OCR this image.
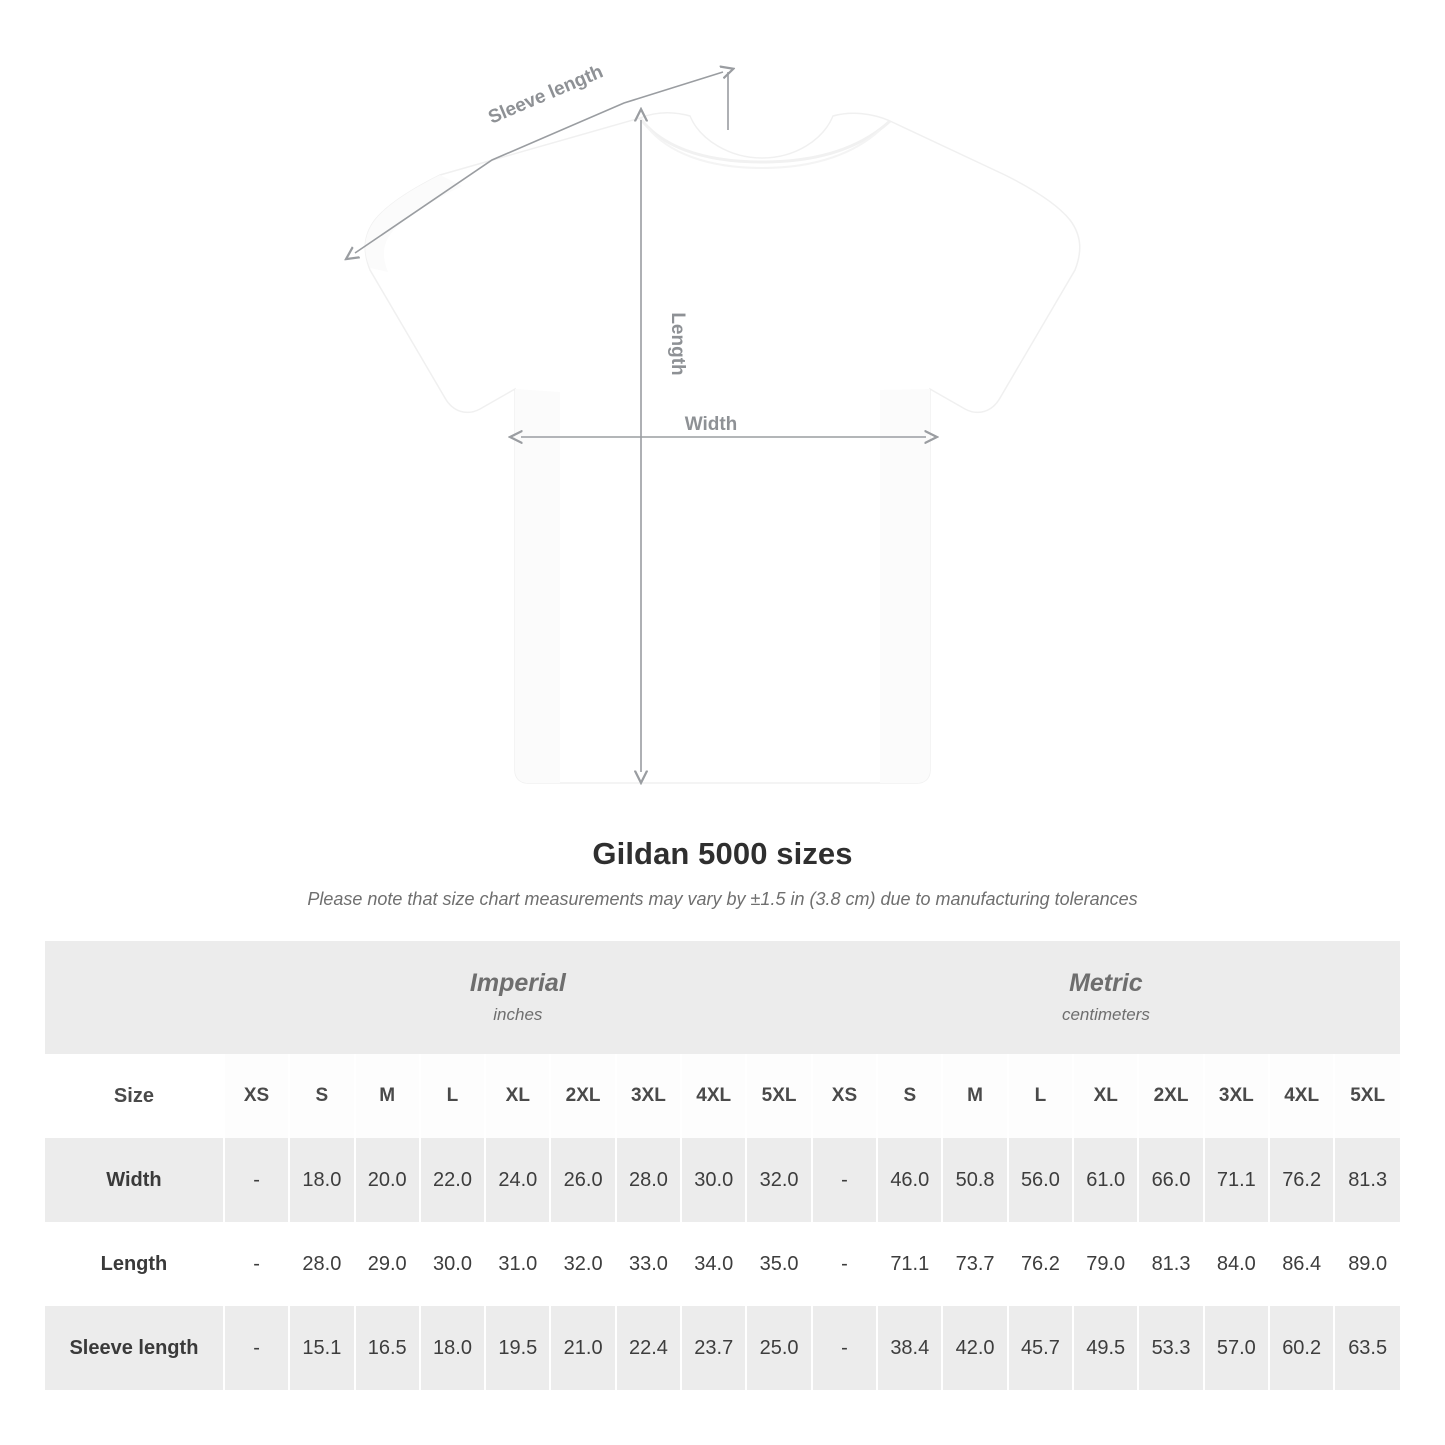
Sleeve length
Length
Width
Gildan 5000 sizes
Please note that size chart measurements may vary by ±1.5 in (3.8 cm) due to manufacturing tolerances

Imperial
inches

Metric
centimeters

Size	XS	S	M	L	XL	2XL	3XL	4XL	5XL	XS	S	M	L	XL	2XL	3XL	4XL	5XL
Width	-	18.0	20.0	22.0	24.0	26.0	28.0	30.0	32.0	-	46.0	50.8	56.0	61.0	66.0	71.1	76.2	81.3
Length	-	28.0	29.0	30.0	31.0	32.0	33.0	34.0	35.0	-	71.1	73.7	76.2	79.0	81.3	84.0	86.4	89.0
Sleeve length	-	15.1	16.5	18.0	19.5	21.0	22.4	23.7	25.0	-	38.4	42.0	45.7	49.5	53.3	57.0	60.2	63.5
